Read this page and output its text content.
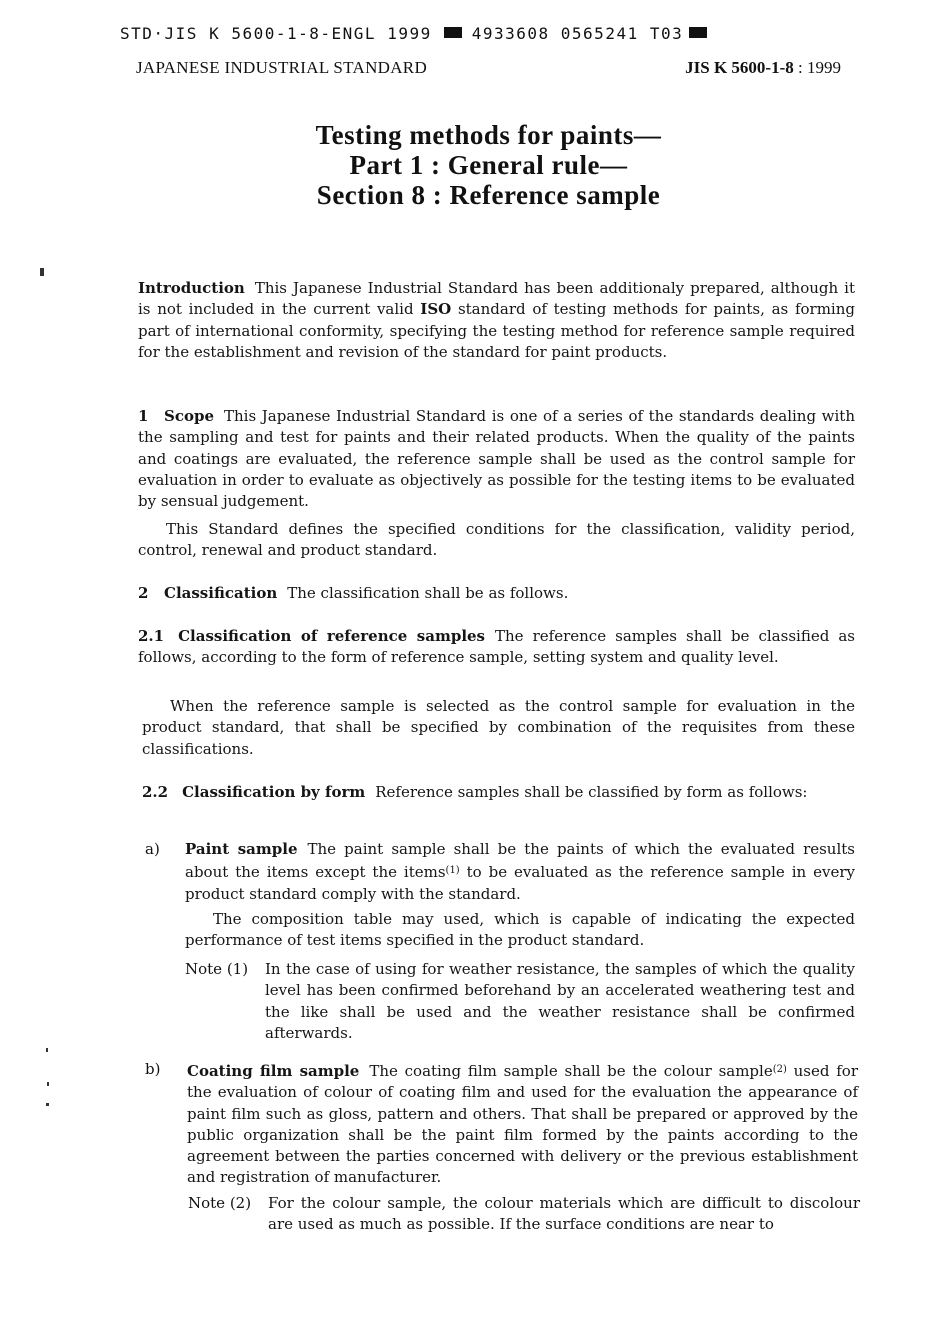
STD·JIS K 5600-1-8-ENGL 1999	4933608 0565241 T03
JAPANESE INDUSTRIAL STANDARD	JIS K 5600-1-8 : 1999
Testing methods for paints—
Part 1 : General rule—
Section 8 : Reference sample
Introduction This Japanese Industrial Standard has been additionaly prepared, although it is not included in the current valid ISO standard of testing methods for paints, as forming part of international conformity, specifying the testing method for reference sample required for the establishment and revision of the standard for paint products.
1 Scope This Japanese Industrial Standard is one of a series of the standards dealing with the sampling and test for paints and their related products. When the quality of the paints and coatings are evaluated, the reference sample shall be used as the control sample for evaluation in order to evaluate as objectively as possible for the testing items to be evaluated by sensual judgement.
This Standard defines the specified conditions for the classification, validity period, control, renewal and product standard.
2 Classification The classification shall be as follows.
2.1 Classification of reference samples The reference samples shall be classified as follows, according to the form of reference sample, setting system and quality level.
When the reference sample is selected as the control sample for evaluation in the product standard, that shall be specified by combination of the requisites from these classifications.
2.2 Classification by form Reference samples shall be classified by form as follows:
a) Paint sample The paint sample shall be the paints of which the evaluated results about the items except the items$^{(1)}$ to be evaluated as the reference sample in every product standard comply with the standard.
The composition table may used, which is capable of indicating the expected performance of test items specified in the product standard.
Note (1) In the case of using for weather resistance, the samples of which the quality level has been confirmed beforehand by an accelerated weathering test and the like shall be used and the weather resistance shall be confirmed afterwards.
b) Coating film sample The coating film sample shall be the colour sample$^{(2)}$ used for the evaluation of colour of coating film and used for the evaluation the appearance of paint film such as gloss, pattern and others. That shall be prepared or approved by the public organization shall be the paint film formed by the paints according to the agreement between the parties concerned with delivery or the previous establishment and registration of manufacturer.
Note (2) For the colour sample, the colour materials which are difficult to discolour are used as much as possible. If the surface conditions are near to
